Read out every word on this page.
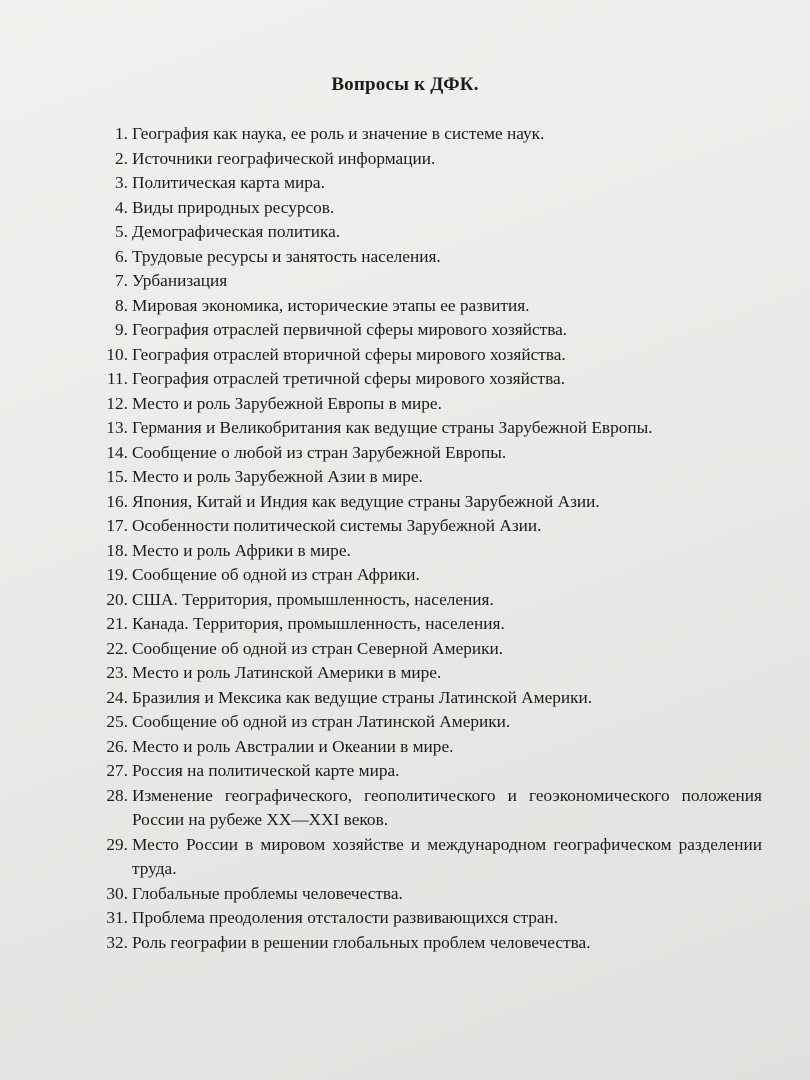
Вопросы к ДФК.
1. География как наука, ее роль и значение в системе наук.
2. Источники географической информации.
3. Политическая карта мира.
4. Виды природных ресурсов.
5. Демографическая политика.
6. Трудовые ресурсы и занятость населения.
7. Урбанизация
8. Мировая экономика, исторические этапы ее развития.
9. География отраслей первичной сферы мирового хозяйства.
10. География отраслей вторичной сферы мирового хозяйства.
11. География отраслей третичной сферы мирового хозяйства.
12. Место и роль Зарубежной Европы в мире.
13. Германия и Великобритания как ведущие страны Зарубежной Европы.
14. Сообщение о любой из стран Зарубежной Европы.
15. Место и роль Зарубежной Азии в мире.
16. Япония, Китай и Индия как ведущие страны Зарубежной Азии.
17. Особенности политической системы Зарубежной Азии.
18. Место и роль Африки в мире.
19. Сообщение об одной из стран Африки.
20. США. Территория, промышленность, населения.
21. Канада. Территория, промышленность, населения.
22. Сообщение об одной из стран Северной Америки.
23. Место и роль Латинской Америки в мире.
24. Бразилия и Мексика как ведущие страны Латинской Америки.
25. Сообщение об одной из стран Латинской Америки.
26. Место и роль Австралии и Океании в мире.
27. Россия на политической карте мира.
28. Изменение географического, геополитического и геоэкономического положения России на рубеже XX—XXI веков.
29. Место России в мировом хозяйстве и международном географическом разделении труда.
30. Глобальные проблемы человечества.
31. Проблема преодоления отсталости развивающихся стран.
32. Роль географии в решении глобальных проблем человечества.
